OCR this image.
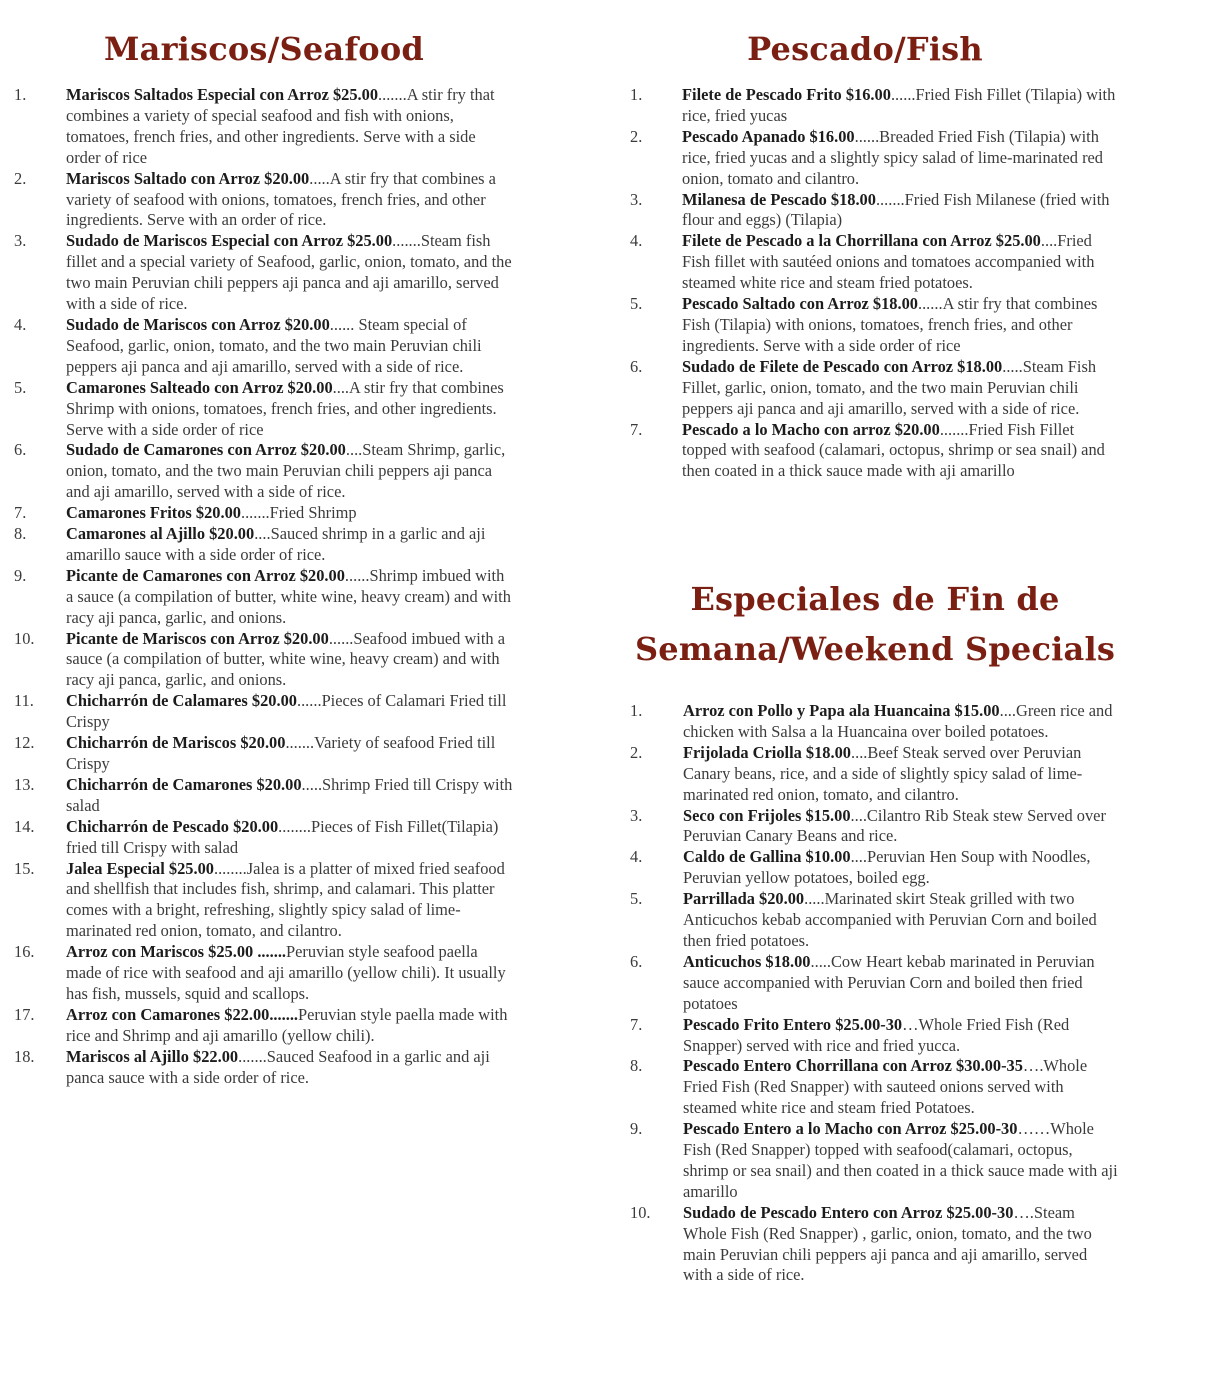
Mariscos/Seafood
1. Mariscos Saltados Especial con Arroz $25.00.......A stir fry that combines a variety of special seafood and fish with onions, tomatoes, french fries, and other ingredients. Serve with a side order of rice
2. Mariscos Saltado con Arroz $20.00.....A stir fry that combines a variety of seafood with onions, tomatoes, french fries, and other ingredients. Serve with an order of rice.
3. Sudado de Mariscos Especial con Arroz $25.00.......Steam fish fillet and a special variety of Seafood, garlic, onion, tomato, and the two main Peruvian chili peppers aji panca and aji amarillo, served with a side of rice.
4. Sudado de Mariscos con Arroz $20.00...... Steam special of Seafood, garlic, onion, tomato, and the two main Peruvian chili peppers aji panca and aji amarillo, served with a side of rice.
5. Camarones Salteado con Arroz $20.00....A stir fry that combines Shrimp with onions, tomatoes, french fries, and other ingredients. Serve with a side order of rice
6. Sudado de Camarones con Arroz $20.00....Steam Shrimp, garlic, onion, tomato, and the two main Peruvian chili peppers aji panca and aji amarillo, served with a side of rice.
7. Camarones Fritos $20.00.......Fried Shrimp
8. Camarones al Ajillo $20.00....Sauced shrimp in a garlic and aji amarillo sauce with a side order of rice.
9. Picante de Camarones con Arroz $20.00......Shrimp imbued with a sauce (a compilation of butter, white wine, heavy cream) and with racy aji panca, garlic, and onions.
10. Picante de Mariscos con Arroz $20.00......Seafood imbued with a sauce (a compilation of butter, white wine, heavy cream) and with racy aji panca, garlic, and onions.
11. Chicharrón de Calamares $20.00......Pieces of Calamari Fried till Crispy
12. Chicharrón de Mariscos $20.00.......Variety of seafood Fried till Crispy
13. Chicharrón de Camarones $20.00.....Shrimp Fried till Crispy with salad
14. Chicharrón de Pescado $20.00........Pieces of Fish Fillet(Tilapia) fried till Crispy with salad
15. Jalea Especial $25.00........Jalea is a platter of mixed fried seafood and shellfish that includes fish, shrimp, and calamari. This platter comes with a bright, refreshing, slightly spicy salad of lime-marinated red onion, tomato, and cilantro.
16. Arroz con Mariscos $25.00 .......Peruvian style seafood paella made of rice with seafood and aji amarillo (yellow chili). It usually has fish, mussels, squid and scallops.
17. Arroz con Camarones $22.00.......Peruvian style paella made with rice and Shrimp and aji amarillo (yellow chili).
18. Mariscos al Ajillo $22.00.......Sauced Seafood in a garlic and aji panca sauce with a side order of rice.
Pescado/Fish
1. Filete de Pescado Frito $16.00......Fried Fish Fillet (Tilapia) with rice, fried yucas
2. Pescado Apanado $16.00......Breaded Fried Fish (Tilapia) with rice, fried yucas and a slightly spicy salad of lime-marinated red onion, tomato and cilantro.
3. Milanesa de Pescado $18.00.......Fried Fish Milanese (fried with flour and eggs) (Tilapia)
4. Filete de Pescado a la Chorrillana con Arroz $25.00....Fried Fish fillet with sautéed onions and tomatoes accompanied with steamed white rice and steam fried potatoes.
5. Pescado Saltado con Arroz $18.00......A stir fry that combines Fish (Tilapia) with onions, tomatoes, french fries, and other ingredients. Serve with a side order of rice
6. Sudado de Filete de Pescado con Arroz $18.00.....Steam Fish Fillet, garlic, onion, tomato, and the two main Peruvian chili peppers aji panca and aji amarillo, served with a side of rice.
7. Pescado a lo Macho con arroz $20.00.......Fried Fish Fillet topped with seafood (calamari, octopus, shrimp or sea snail) and then coated in a thick sauce made with aji amarillo
Especiales de Fin de
Semana/Weekend Specials
1. Arroz con Pollo y Papa ala Huancaina $15.00....Green rice and chicken with Salsa a la Huancaina over boiled potatoes.
2. Frijolada Criolla $18.00....Beef Steak served over Peruvian Canary beans, rice, and a side of slightly spicy salad of lime-marinated red onion, tomato, and cilantro.
3. Seco con Frijoles $15.00....Cilantro Rib Steak stew Served over Peruvian Canary Beans and rice.
4. Caldo de Gallina $10.00....Peruvian Hen Soup with Noodles, Peruvian yellow potatoes, boiled egg.
5. Parrillada $20.00.....Marinated skirt Steak grilled with two Anticuchos kebab accompanied with Peruvian Corn and boiled then fried potatoes.
6. Anticuchos $18.00.....Cow Heart kebab marinated in Peruvian sauce accompanied with Peruvian Corn and boiled then fried potatoes
7. Pescado Frito Entero $25.00-30…Whole Fried Fish (Red Snapper) served with rice and fried yucca.
8. Pescado Entero Chorrillana con Arroz $30.00-35….Whole Fried Fish (Red Snapper) with sauteed onions served with steamed white rice and steam fried Potatoes.
9. Pescado Entero a lo Macho con Arroz $25.00-30……Whole Fish (Red Snapper) topped with seafood(calamari, octopus, shrimp or sea snail) and then coated in a thick sauce made with aji amarillo
10. Sudado de Pescado Entero con Arroz $25.00-30….Steam Whole Fish (Red Snapper) , garlic, onion, tomato, and the two main Peruvian chili peppers aji panca and aji amarillo, served with a side of rice.
